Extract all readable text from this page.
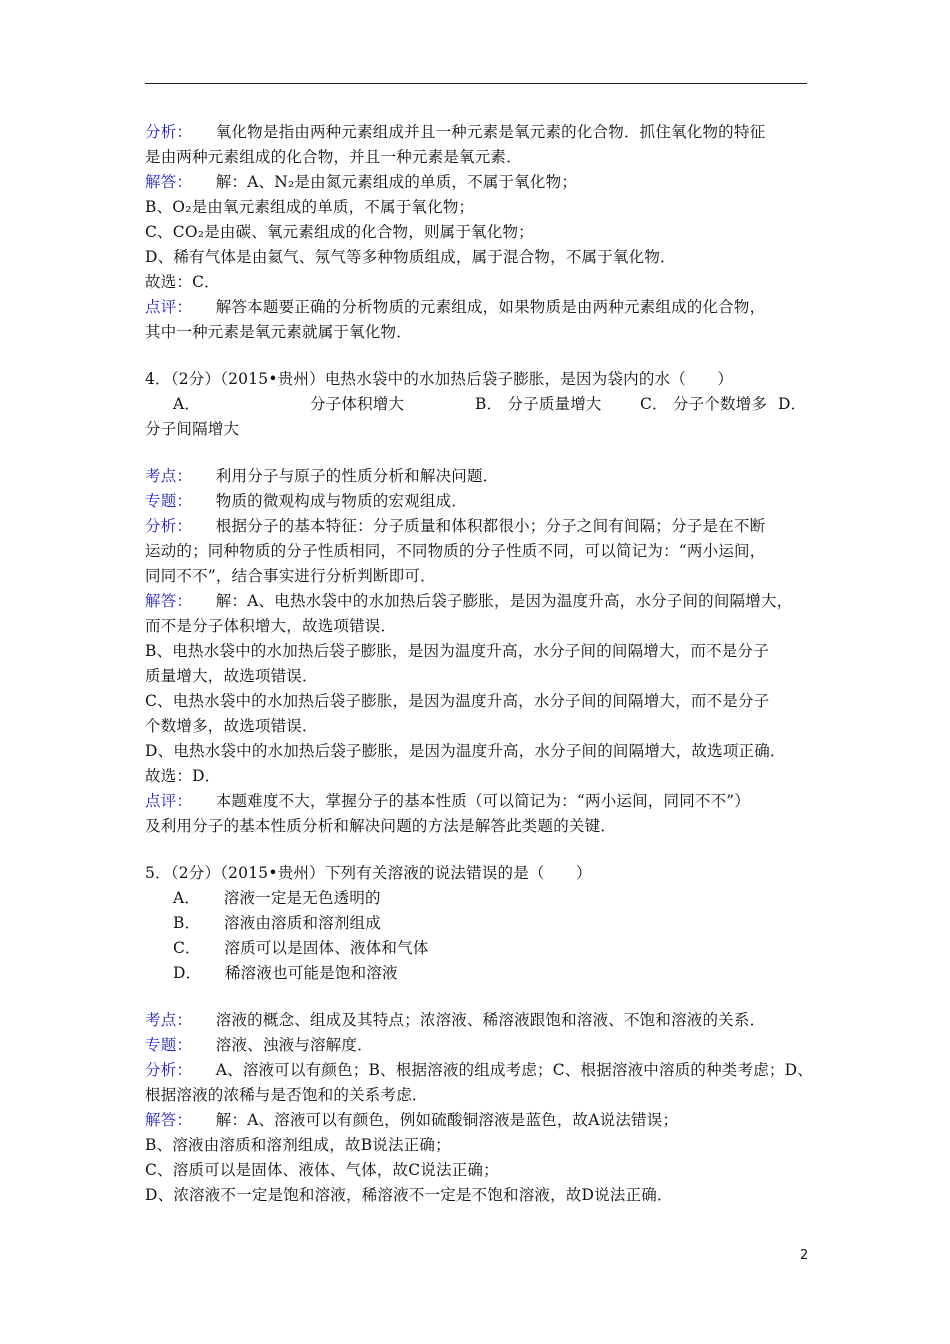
分析：   氧化物是指由两种元素组成并且一种元素是氧元素的化合物．抓住氧化物的特征

是由两种元素组成的化合物，并且一种元素是氧元素．

解答：   解：A、N₂是由氮元素组成的单质，不属于氧化物；

B、O₂是由氧元素组成的单质，不属于氧化物；

C、CO₂是由碳、氧元素组成的化合物，则属于氧化物；

D、稀有气体是由氦气、氖气等多种物质组成，属于混合物，不属于氧化物．

故选：C．

点评：   解答本题要正确的分析物质的元素组成，如果物质是由两种元素组成的化合物，

其中一种元素是氧元素就属于氧化物．

4．（2分）（2015•贵州）电热水袋中的水加热后袋子膨胀，是因为袋内的水（　　）

A．	分子体积增大	B． 分子质量增大 C． 分子个数增多 D．

分子间隔增大

考点：   利用分子与原子的性质分析和解决问题．

专题：   物质的微观构成与物质的宏观组成．

分析：   根据分子的基本特征：分子质量和体积都很小；分子之间有间隔；分子是在不断

运动的；同种物质的分子性质相同，不同物质的分子性质不同，可以简记为：“两小运间，

同同不不”，结合事实进行分析判断即可．

解答：   解：A、电热水袋中的水加热后袋子膨胀，是因为温度升高，水分子间的间隔增大，

而不是分子体积增大，故选项错误．

B、电热水袋中的水加热后袋子膨胀，是因为温度升高，水分子间的间隔增大，而不是分子

质量增大，故选项错误．

C、电热水袋中的水加热后袋子膨胀，是因为温度升高，水分子间的间隔增大，而不是分子

个数增多，故选项错误．

D、电热水袋中的水加热后袋子膨胀，是因为温度升高，水分子间的间隔增大，故选项正确．

故选：D．

点评：   本题难度不大，掌握分子的基本性质（可以简记为：“两小运间，同同不不”）

及利用分子的基本性质分析和解决问题的方法是解答此类题的关键．

5．（2分）（2015•贵州）下列有关溶液的说法错误的是（　　）

A．   溶液一定是无色透明的

B．   溶液由溶质和溶剂组成

C．   溶质可以是固体、液体和气体

D．   稀溶液也可能是饱和溶液

考点：   溶液的概念、组成及其特点；浓溶液、稀溶液跟饱和溶液、不饱和溶液的关系．

专题：   溶液、浊液与溶解度．

分析：   A、溶液可以有颜色；B、根据溶液的组成考虑；C、根据溶液中溶质的种类考虑；D、

根据溶液的浓稀与是否饱和的关系考虑．

解答：   解：A、溶液可以有颜色，例如硫酸铜溶液是蓝色，故A说法错误；

B、溶液由溶质和溶剂组成，故B说法正确；

C、溶质可以是固体、液体、气体，故C说法正确；

D、浓溶液不一定是饱和溶液，稀溶液不一定是不饱和溶液，故D说法正确．

2
